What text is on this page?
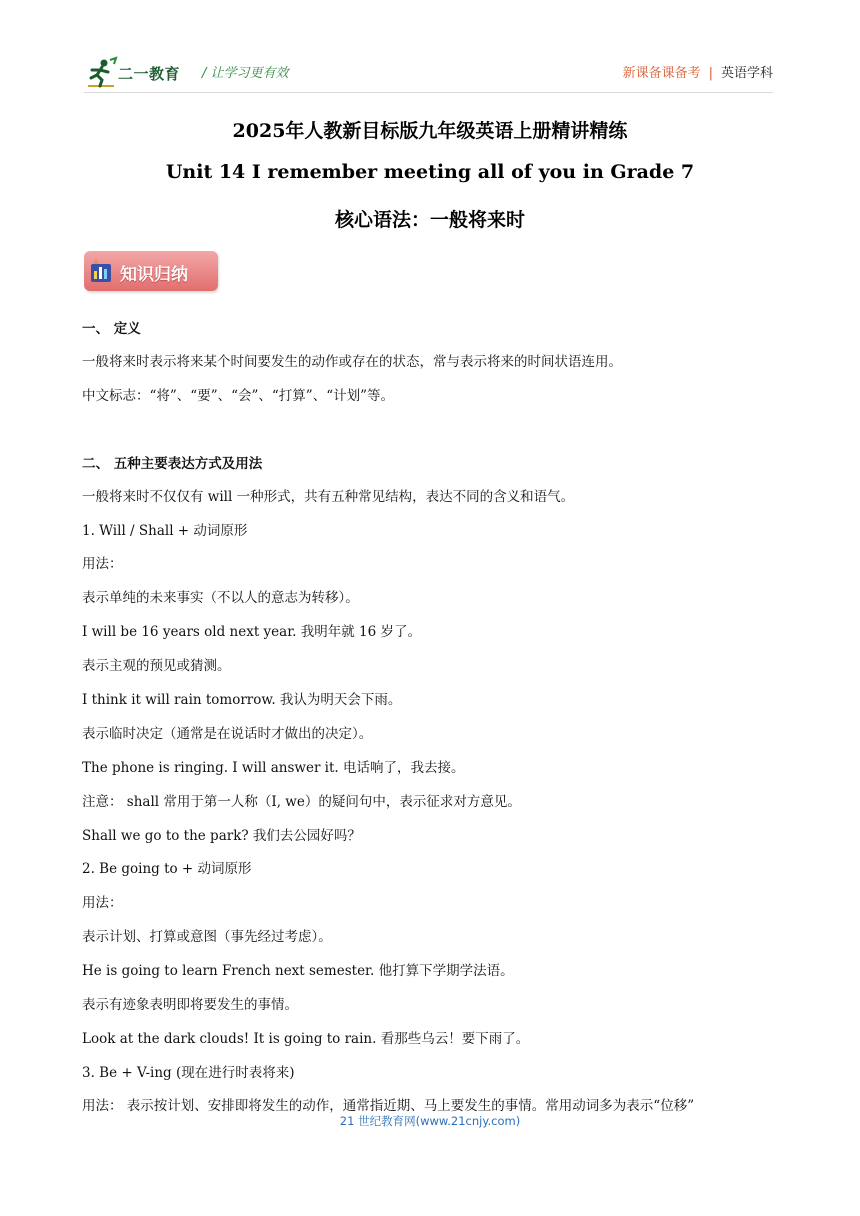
二一教育 / 让学习更有效	新课备课备考 | 英语学科
2025年人教新目标版九年级英语上册精讲精练
Unit 14 I remember meeting all of you in Grade 7
核心语法：一般将来时
知识归纳
一、 定义
一般将来时表示将来某个时间要发生的动作或存在的状态，常与表示将来的时间状语连用。
中文标志：“将”、“要”、“会”、“打算”、“计划”等。
二、 五种主要表达方式及用法
一般将来时不仅仅有 will 一种形式，共有五种常见结构，表达不同的含义和语气。
1. Will / Shall + 动词原形
用法：
表示单纯的未来事实（不以人的意志为转移）。
I will be 16 years old next year. 我明年就 16 岁了。
表示主观的预见或猜测。
I think it will rain tomorrow. 我认为明天会下雨。
表示临时决定（通常是在说话时才做出的决定）。
The phone is ringing. I will answer it. 电话响了，我去接。
注意： shall 常用于第一人称（I, we）的疑问句中，表示征求对方意见。
Shall we go to the park? 我们去公园好吗？
2. Be going to + 动词原形
用法：
表示计划、打算或意图（事先经过考虑）。
He is going to learn French next semester. 他打算下学期学法语。
表示有迹象表明即将要发生的事情。
Look at the dark clouds! It is going to rain. 看那些乌云！要下雨了。
3. Be + V-ing (现在进行时表将来)
用法： 表示按计划、安排即将发生的动作，通常指近期、马上要发生的事情。常用动词多为表示“位移”
21 世纪教育网(www.21cnjy.com)
